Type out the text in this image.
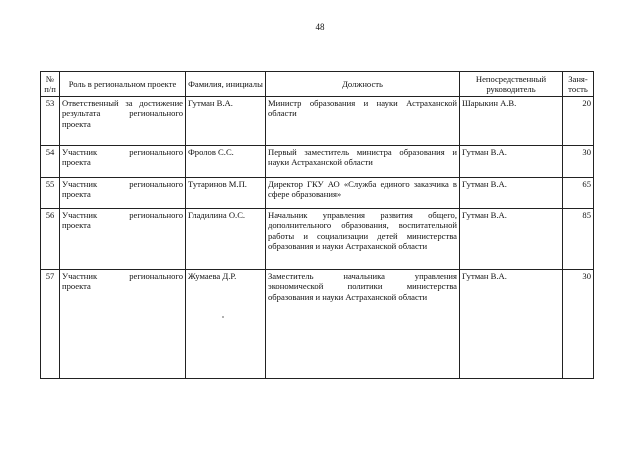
48
№ п/п	Роль в региональном проекте	Фамилия, инициалы	Должность	Непосредственный руководитель	Заня-тость
53	Ответственный за достижение результата регионального проекта	Гутман В.А.	Министр образования и науки Астраханской области	Шарыкин А.В.	20
54	Участник регионального проекта	Фролов С.С.	Первый заместитель министра образования и науки Астраханской области	Гутман В.А.	30
55	Участник регионального проекта	Тутаринов М.П.	Директор ГКУ АО «Служба единого заказчика в сфере образования»	Гутман В.А.	65
56	Участник регионального проекта	Гладилина О.С.	Начальник управления развития общего, дополнительного образования, воспитательной работы и социализации детей министерства образования и науки Астраханской области	Гутман В.А.	85
57	Участник регионального проекта	Жумаева Д.Р.	Заместитель начальника управления экономической политики министерства образования и науки Астраханской области	Гутман В.А.	30
